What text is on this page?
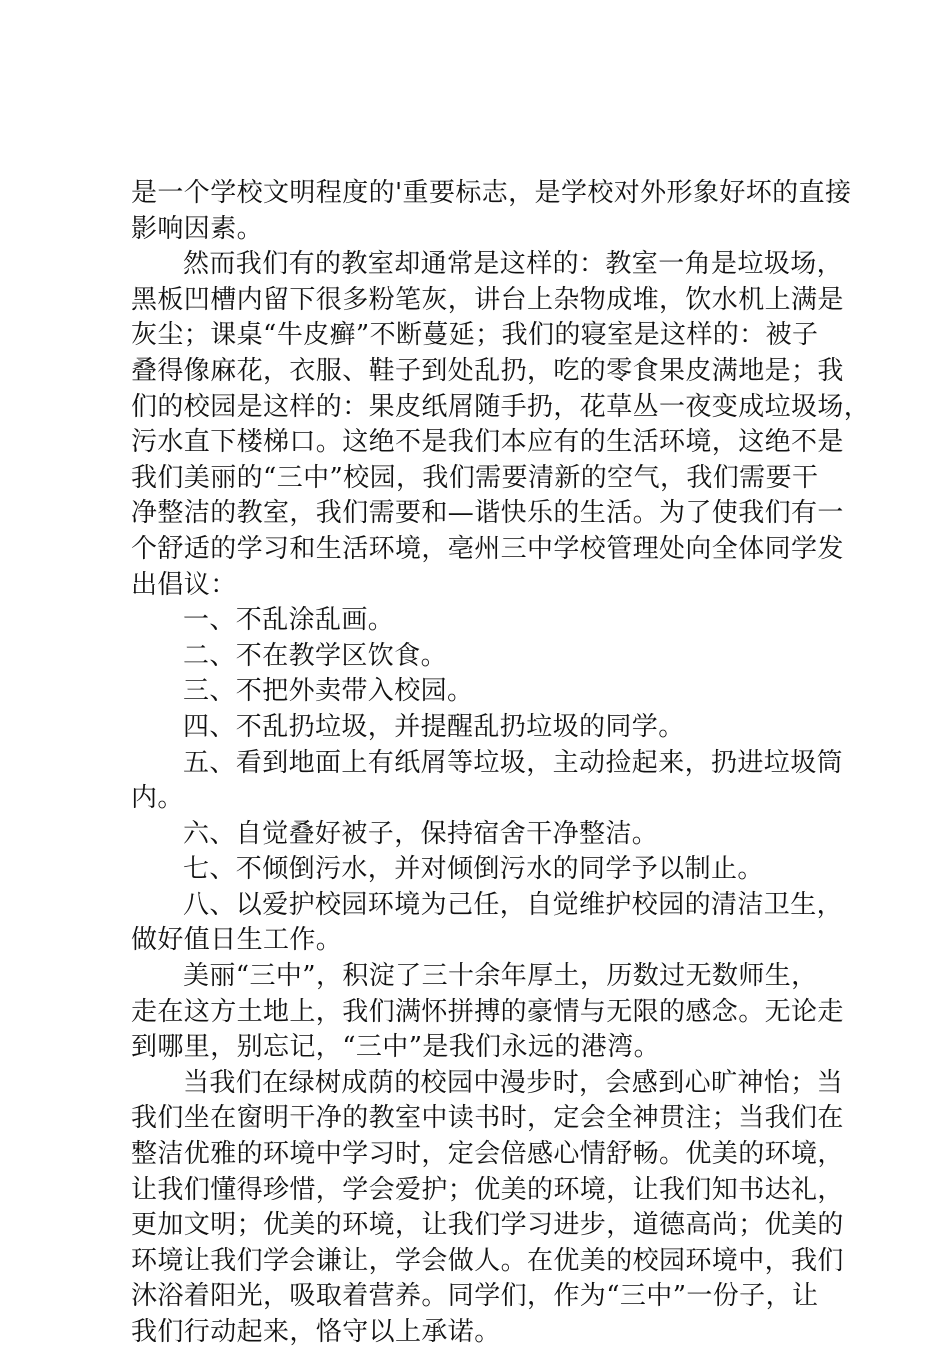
是一个学校文明程度的'重要标志，是学校对外形象好坏的直接
影响因素。
然而我们有的教室却通常是这样的：教室一角是垃圾场，
黑板凹槽内留下很多粉笔灰，讲台上杂物成堆，饮水机上满是
灰尘；课桌“牛皮癣”不断蔓延；我们的寝室是这样的：被子
叠得像麻花，衣服、鞋子到处乱扔，吃的零食果皮满地是；我
们的校园是这样的：果皮纸屑随手扔，花草丛一夜变成垃圾场，
污水直下楼梯口。这绝不是我们本应有的生活环境，这绝不是
我们美丽的“三中”校园，我们需要清新的空气，我们需要干
净整洁的教室，我们需要和—谐快乐的生活。为了使我们有一
个舒适的学习和生活环境，亳州三中学校管理处向全体同学发
出倡议：
一、不乱涂乱画。
二、不在教学区饮食。
三、不把外卖带入校园。
四、不乱扔垃圾，并提醒乱扔垃圾的同学。
五、看到地面上有纸屑等垃圾，主动捡起来，扔进垃圾筒
内。
六、自觉叠好被子，保持宿舍干净整洁。
七、不倾倒污水，并对倾倒污水的同学予以制止。
八、以爱护校园环境为己任，自觉维护校园的清洁卫生，
做好值日生工作。
美丽“三中”，积淀了三十余年厚土，历数过无数师生，
走在这方土地上，我们满怀拼搏的豪情与无限的感念。无论走
到哪里，别忘记，“三中”是我们永远的港湾。
当我们在绿树成荫的校园中漫步时，会感到心旷神怡；当
我们坐在窗明干净的教室中读书时，定会全神贯注；当我们在
整洁优雅的环境中学习时，定会倍感心情舒畅。优美的环境，
让我们懂得珍惜，学会爱护；优美的环境，让我们知书达礼，
更加文明；优美的环境，让我们学习进步，道德高尚；优美的
环境让我们学会谦让，学会做人。在优美的校园环境中，我们
沐浴着阳光，吸取着营养。同学们，作为“三中”一份子，让
我们行动起来，恪守以上承诺。
